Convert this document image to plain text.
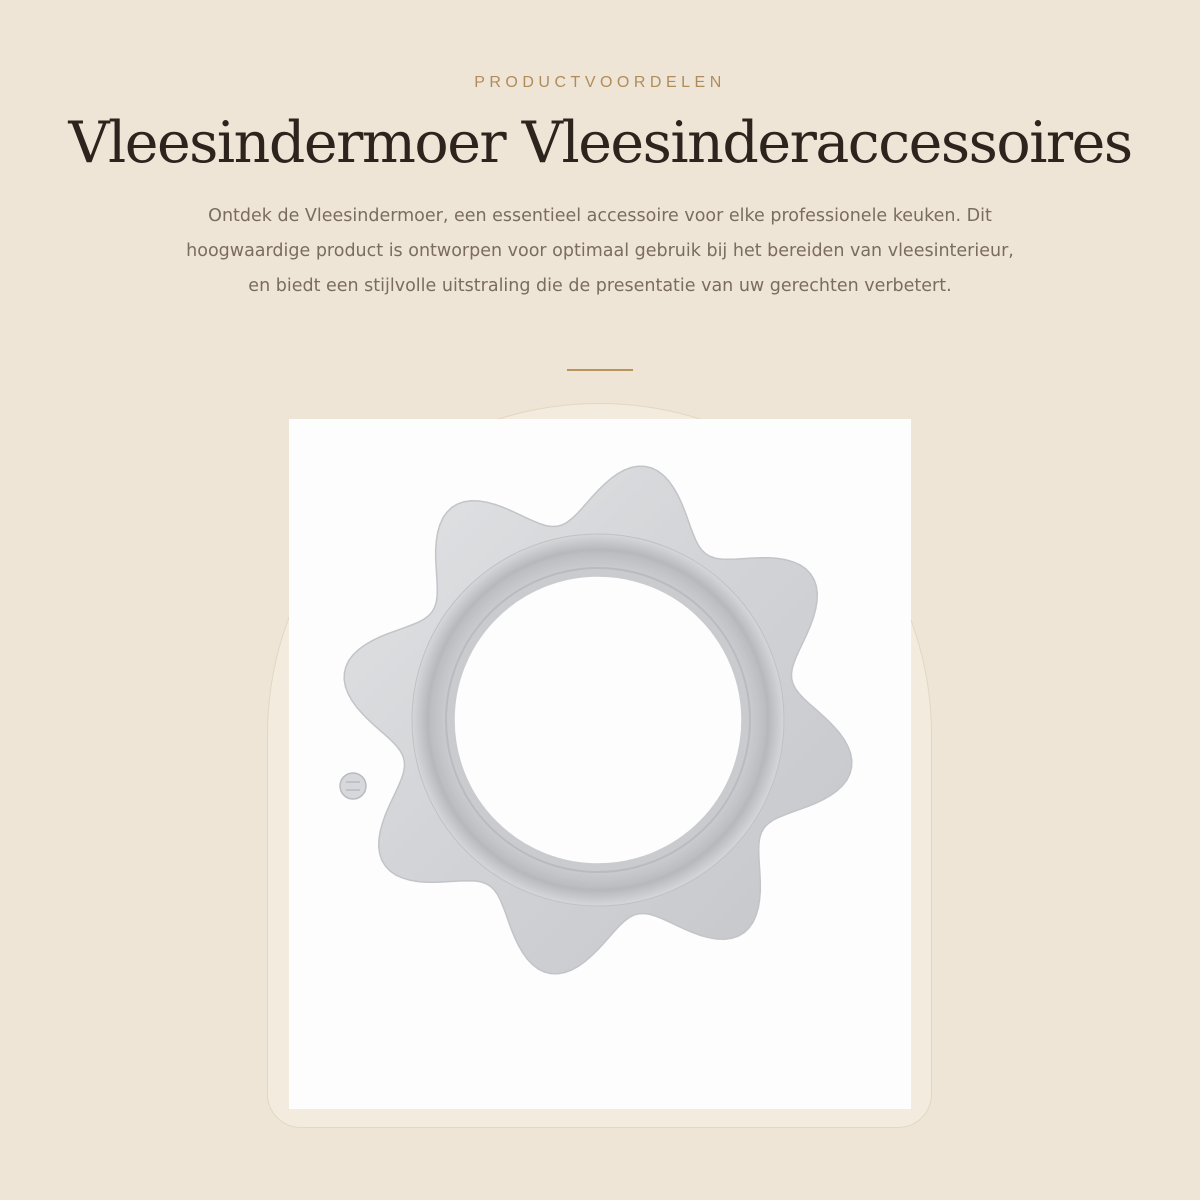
PRODUCTVOORDELEN

Vleesindermoer Vleesinderaccessoires

Ontdek de Vleesindermoer, een essentieel accessoire voor elke professionele keuken. Dit hoogwaardige product is ontworpen voor optimaal gebruik bij het bereiden van vleesinterieur, en biedt een stijlvolle uitstraling die de presentatie van uw gerechten verbetert.
